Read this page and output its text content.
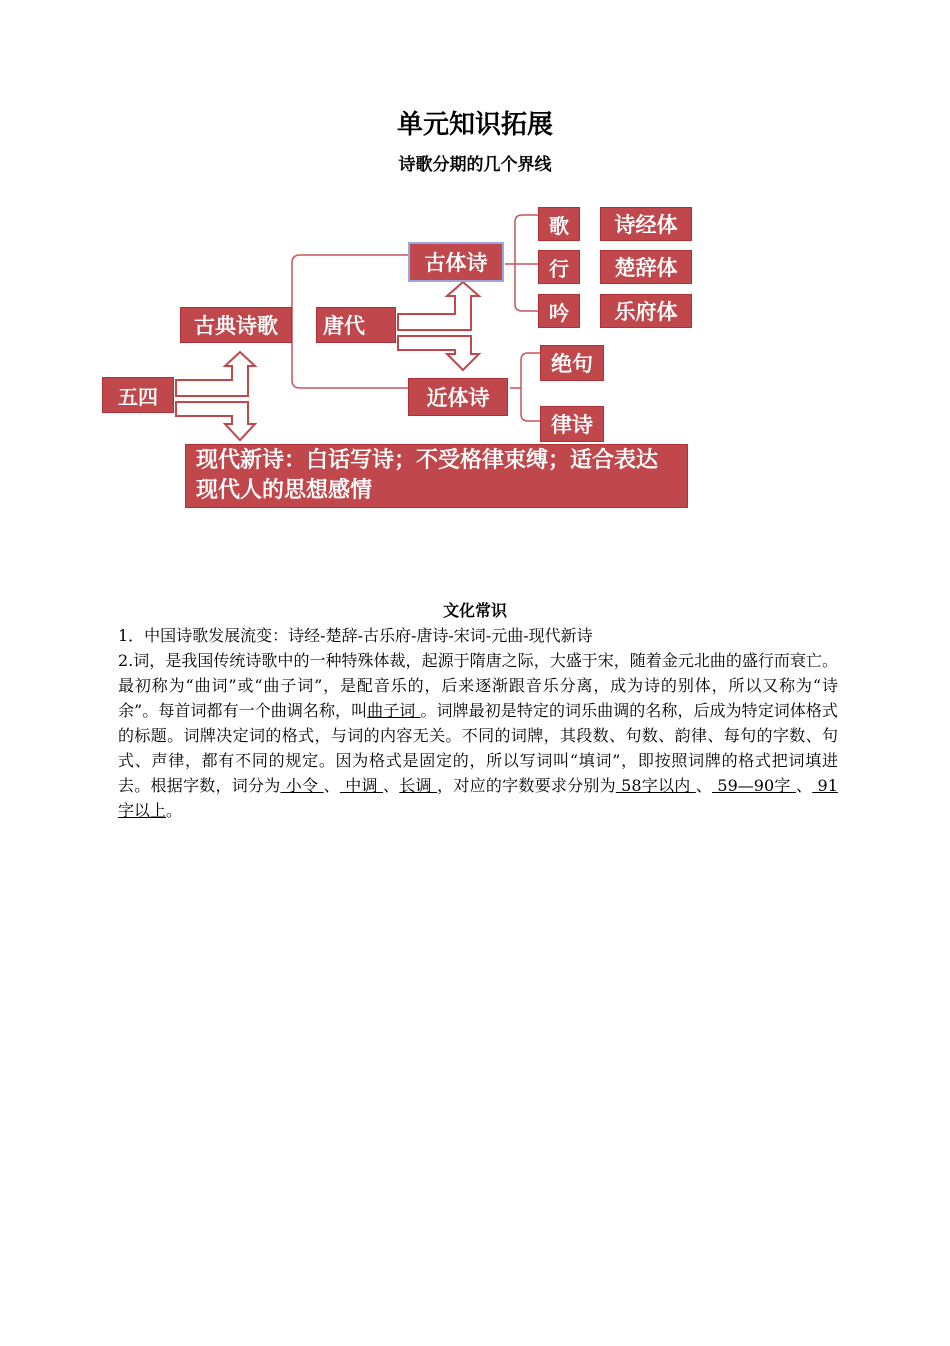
单元知识拓展
诗歌分期的几个界线
五四
古典诗歌	唐代
古体诗
近体诗
歌
行
吟
诗经体
楚辞体
乐府体
绝句
律诗
现代新诗：白话写诗；不受格律束缚；适合表达现代人的思想感情
文化常识
1．中国诗歌发展流变：诗经-楚辞-古乐府-唐诗-宋词-元曲-现代新诗
2.词，是我国传统诗歌中的一种特殊体裁，起源于隋唐之际，大盛于宋，随着金元北曲的盛行而衰亡。最初称为“曲词”或“曲子词”，是配音乐的，后来逐渐跟音乐分离，成为诗的别体，所以又称为“诗余”。每首词都有一个曲调名称，叫曲子词 。词牌最初是特定的词乐曲调的名称，后成为特定词体格式的标题。词牌决定词的格式，与词的内容无关。不同的词牌，其段数、句数、韵律、每句的字数、句式、声律，都有不同的规定。因为格式是固定的，所以写词叫“填词”，即按照词牌的格式把词填进去。根据字数，词分为 小令 、 中调 、长调 ，对应的字数要求分别为 58字以内 、 59—90字 、 91字以上。
